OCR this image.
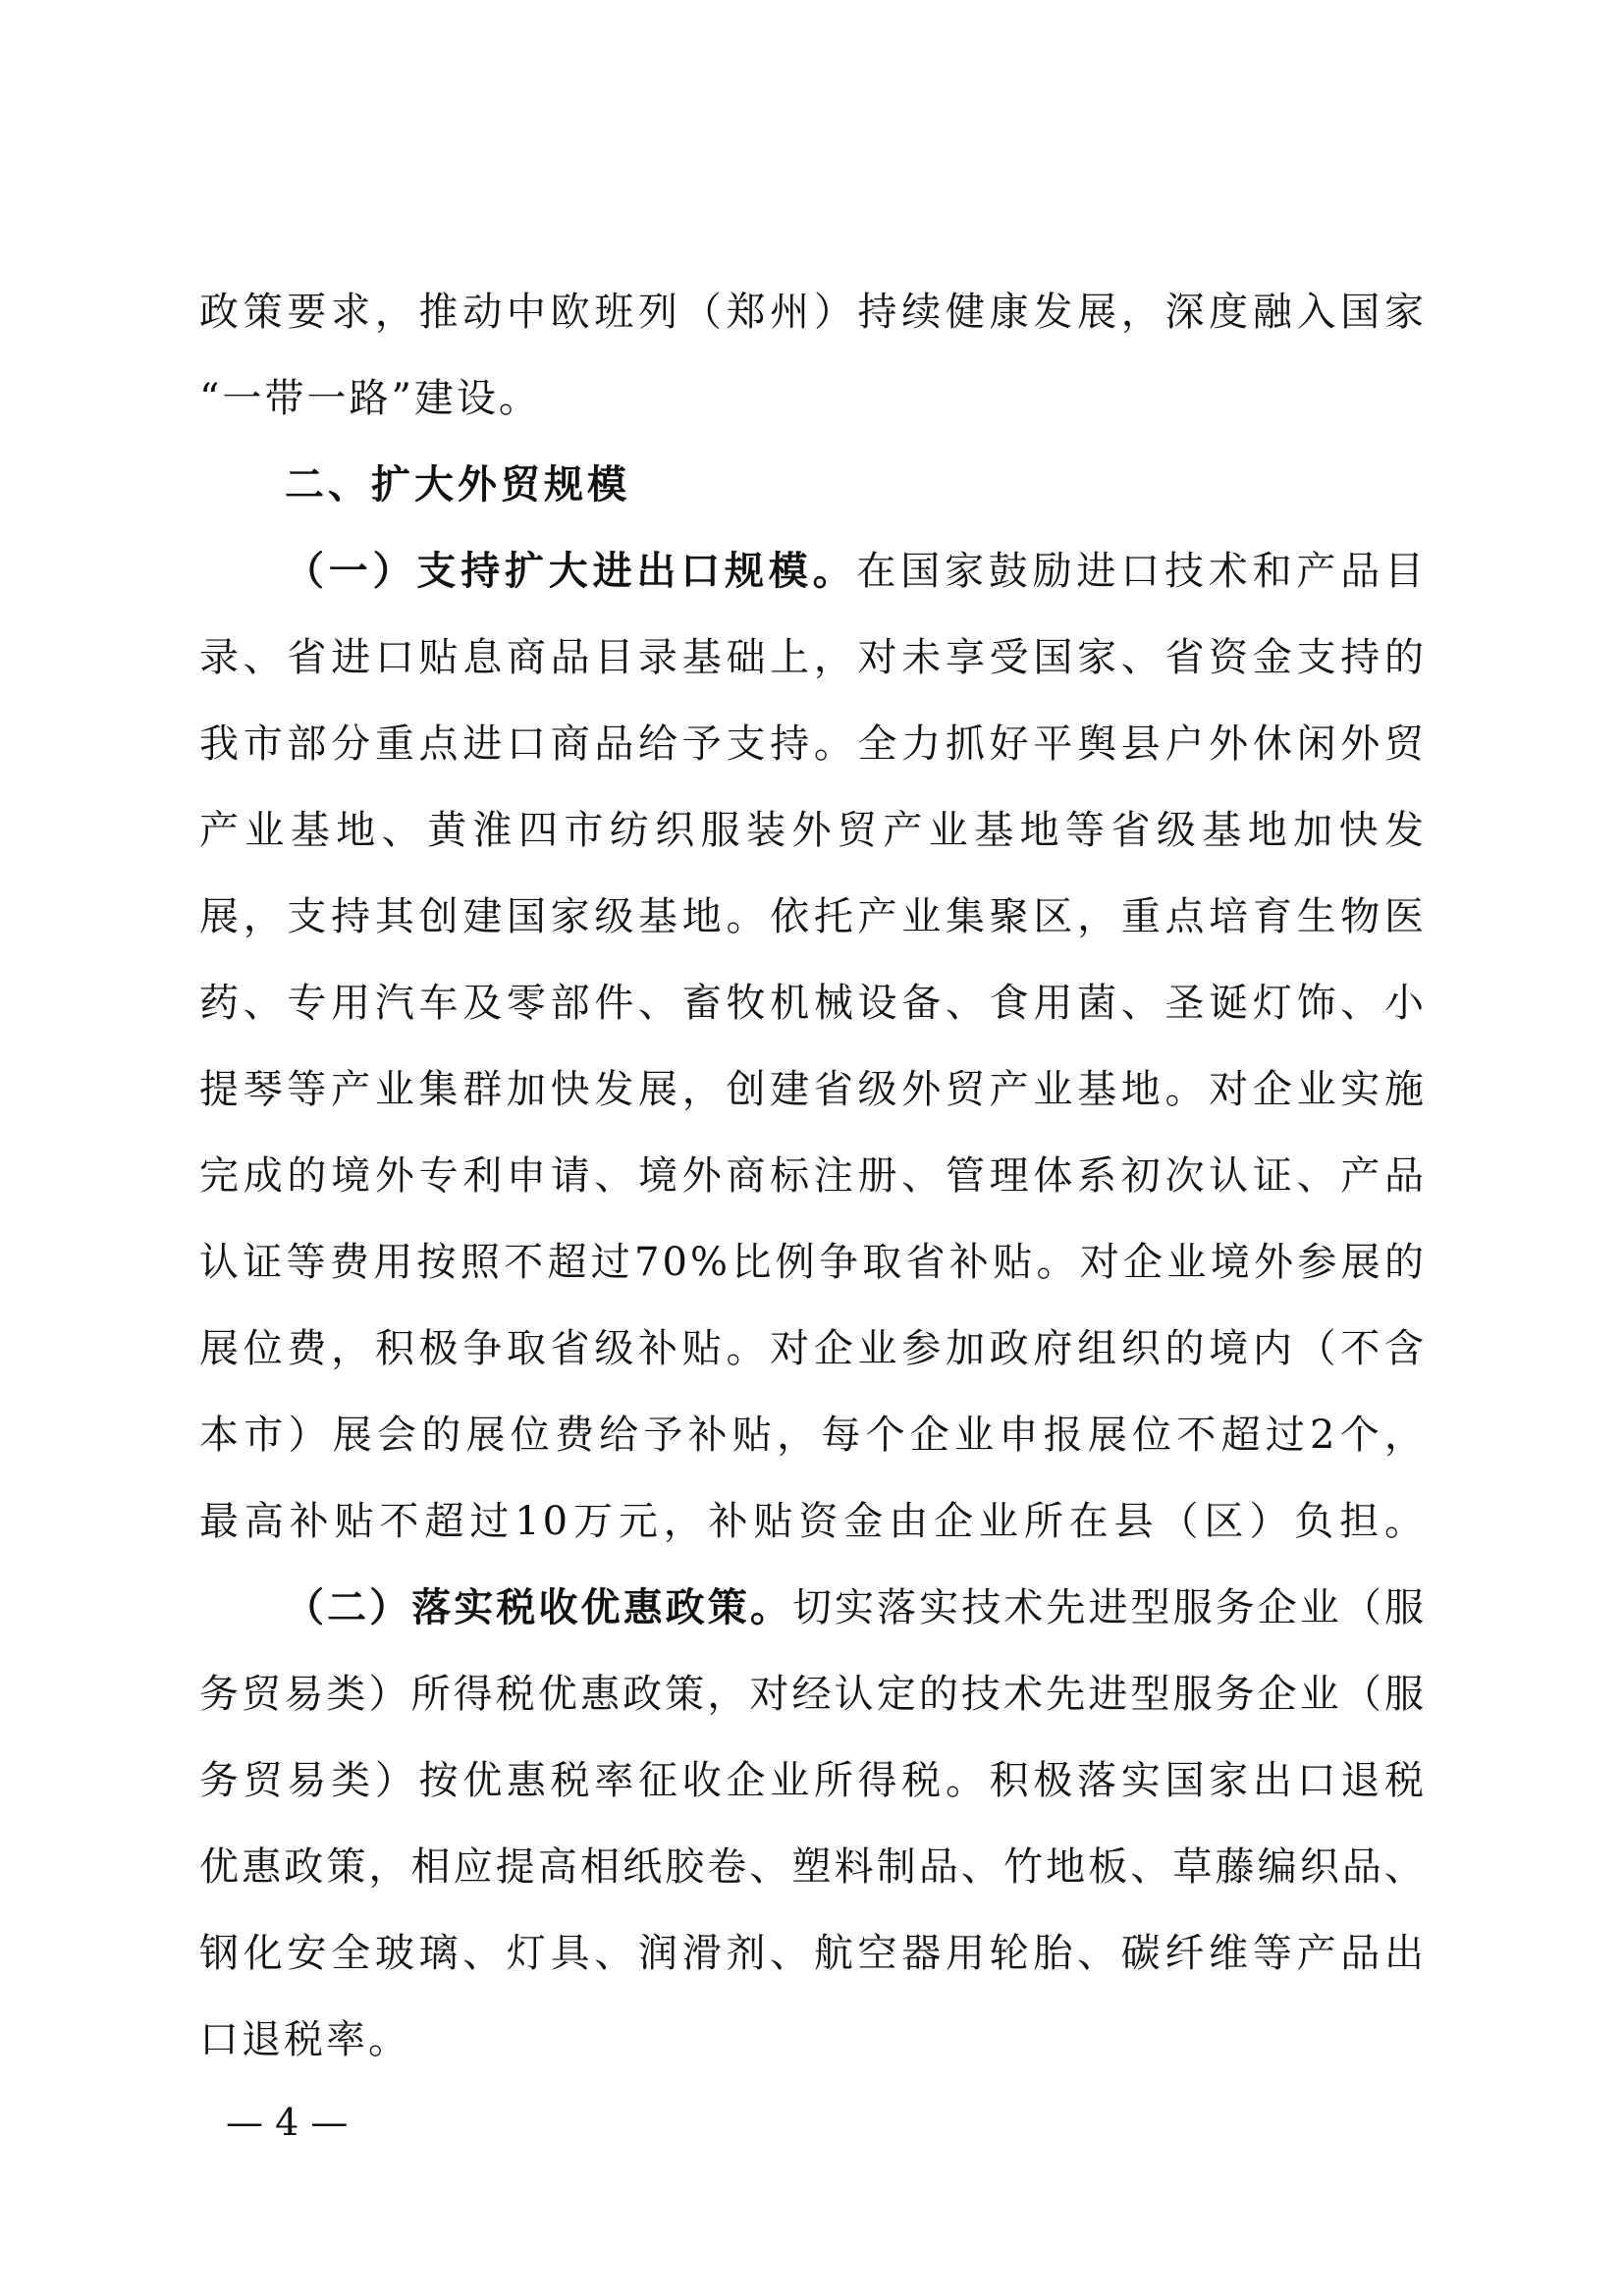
政策要求，推动中欧班列（郑州）持续健康发展，深度融入国家
“一带一路”建设。
二、扩大外贸规模
（一）支持扩大进出口规模。在国家鼓励进口技术和产品目
录、省进口贴息商品目录基础上，对未享受国家、省资金支持的
我市部分重点进口商品给予支持。全力抓好平舆县户外休闲外贸
产业基地、黄淮四市纺织服装外贸产业基地等省级基地加快发
展，支持其创建国家级基地。依托产业集聚区，重点培育生物医
药、专用汽车及零部件、畜牧机械设备、食用菌、圣诞灯饰、小
提琴等产业集群加快发展，创建省级外贸产业基地。对企业实施
完成的境外专利申请、境外商标注册、管理体系初次认证、产品
认证等费用按照不超过70%比例争取省补贴。对企业境外参展的
展位费，积极争取省级补贴。对企业参加政府组织的境内（不含
本市）展会的展位费给予补贴，每个企业申报展位不超过2个，
最高补贴不超过10万元，补贴资金由企业所在县（区）负担。
（二）落实税收优惠政策。切实落实技术先进型服务企业（服
务贸易类）所得税优惠政策，对经认定的技术先进型服务企业（服
务贸易类）按优惠税率征收企业所得税。积极落实国家出口退税
优惠政策，相应提高相纸胶卷、塑料制品、竹地板、草藤编织品、
钢化安全玻璃、灯具、润滑剂、航空器用轮胎、碳纤维等产品出
口退税率。
— 4 —
